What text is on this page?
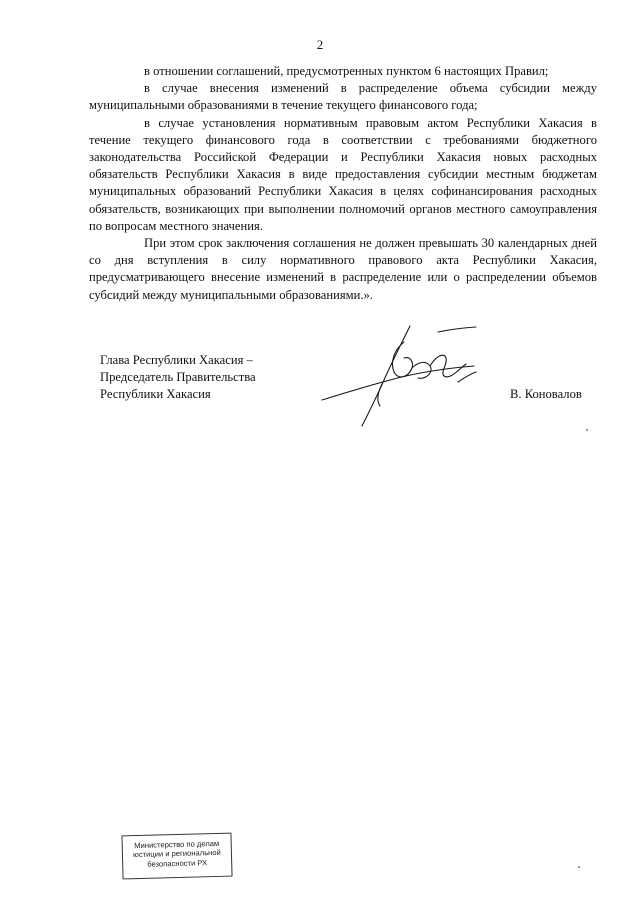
2

в отношении соглашений, предусмотренных пунктом 6 настоящих Правил;

в случае внесения изменений в распределение объема субсидии между муниципальными образованиями в течение текущего финансового года;

в случае установления нормативным правовым актом Республики Хакасия в течение текущего финансового года в соответствии с требованиями бюджетного законодательства Российской Федерации и Республики Хакасия новых расходных обязательств Республики Хакасия в виде предоставления субсидии местным бюджетам муниципальных образований Республики Хакасия в целях софинансирования расходных обязательств, возникающих при выполнении полномочий органов местного самоуправления по вопросам местного значения.

При этом срок заключения соглашения не должен превышать 30 календарных дней со дня вступления в силу нормативного правового акта Республики Хакасия, предусматривающего внесение изменений в распределение или о распределении объемов субсидий между муниципальными образованиями.».

Глава Республики Хакасия –
Председатель Правительства
Республики Хакасия	В. Коновалов
Министерство по делам
юстиции и региональной
безопасности РХ
